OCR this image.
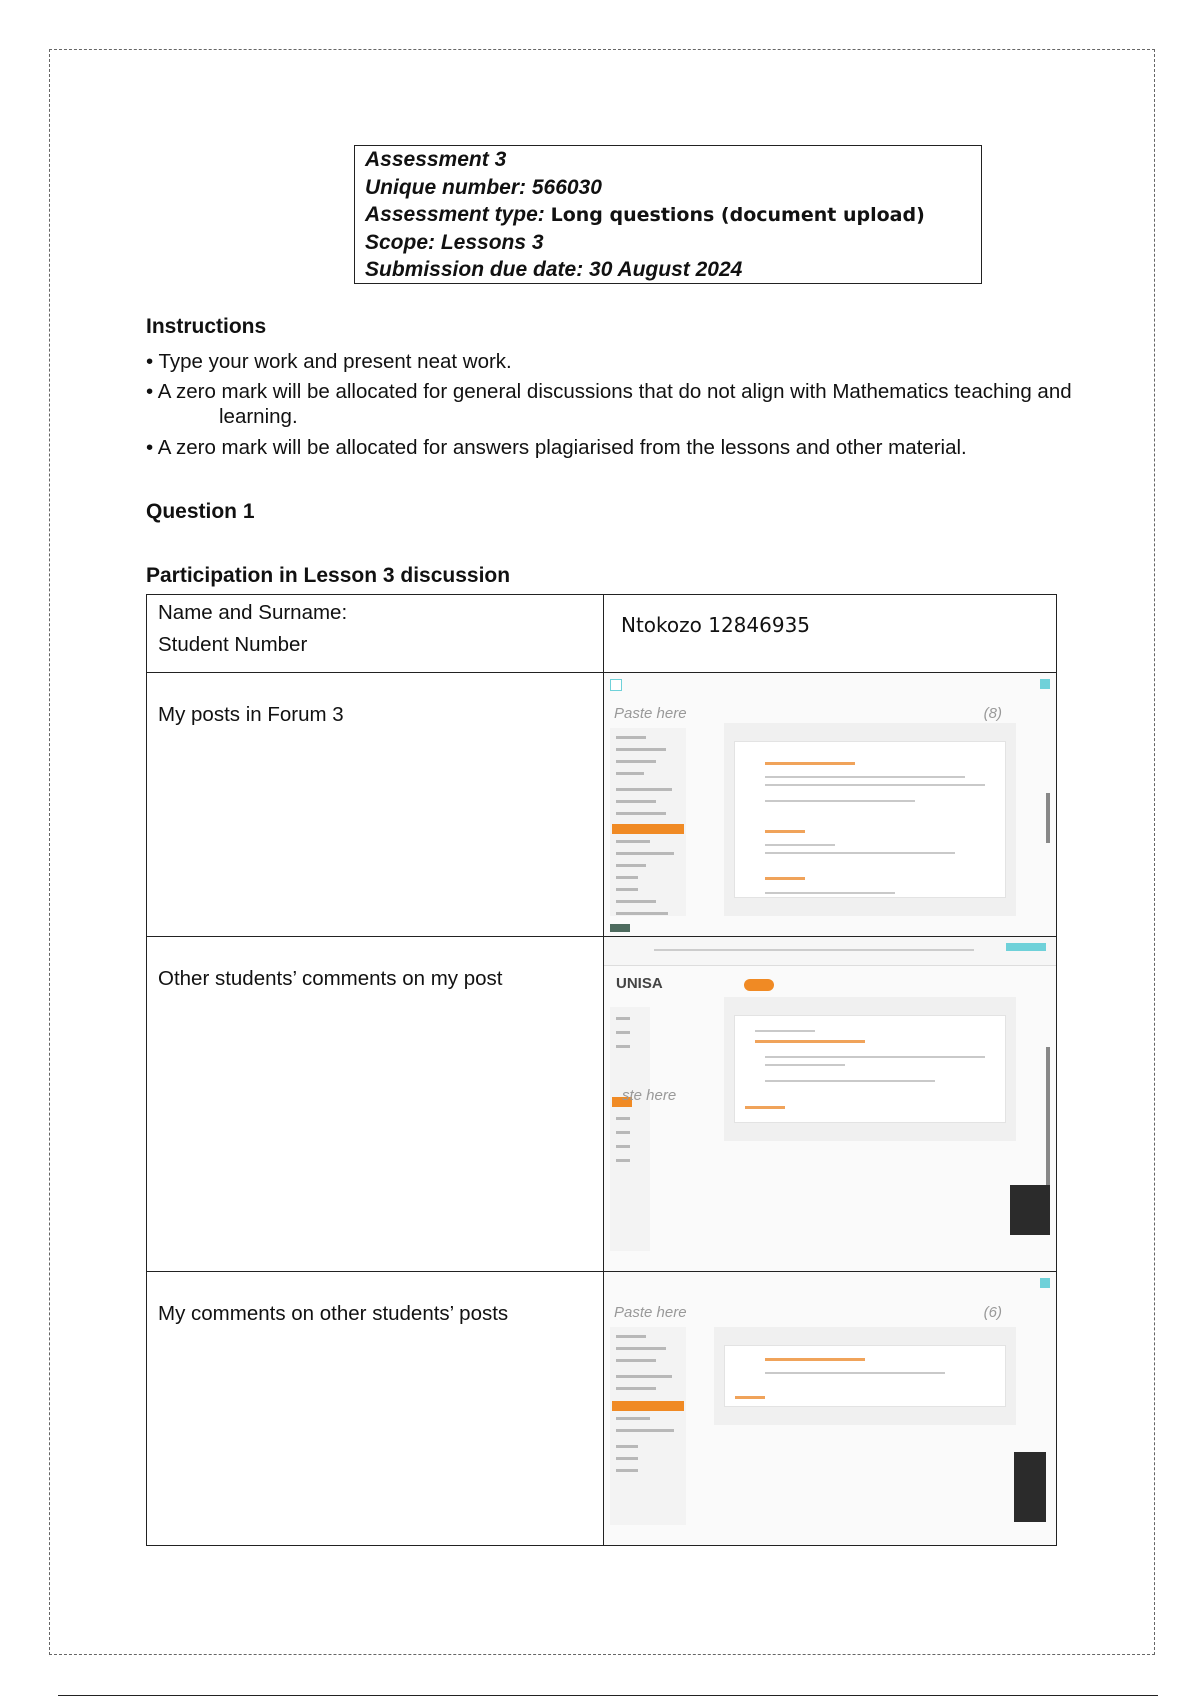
Assessment 3
Unique number: 566030
Assessment type: Long questions (document upload)
Scope: Lessons 3
Submission due date: 30 August 2024
Instructions
• Type your work and present neat work.
• A zero mark will be allocated for general discussions that do not align with Mathematics teaching and
learning.
• A zero mark will be allocated for answers plagiarised from the lessons and other material.
Question 1
Participation in Lesson 3 discussion
Name and Surname:
Student Number	Ntokozo 12846935

My posts in Forum 3	Paste here (8)

Other students’ comments on my post	UNISA
ste here

My comments on other students’ posts	Paste here (6)
